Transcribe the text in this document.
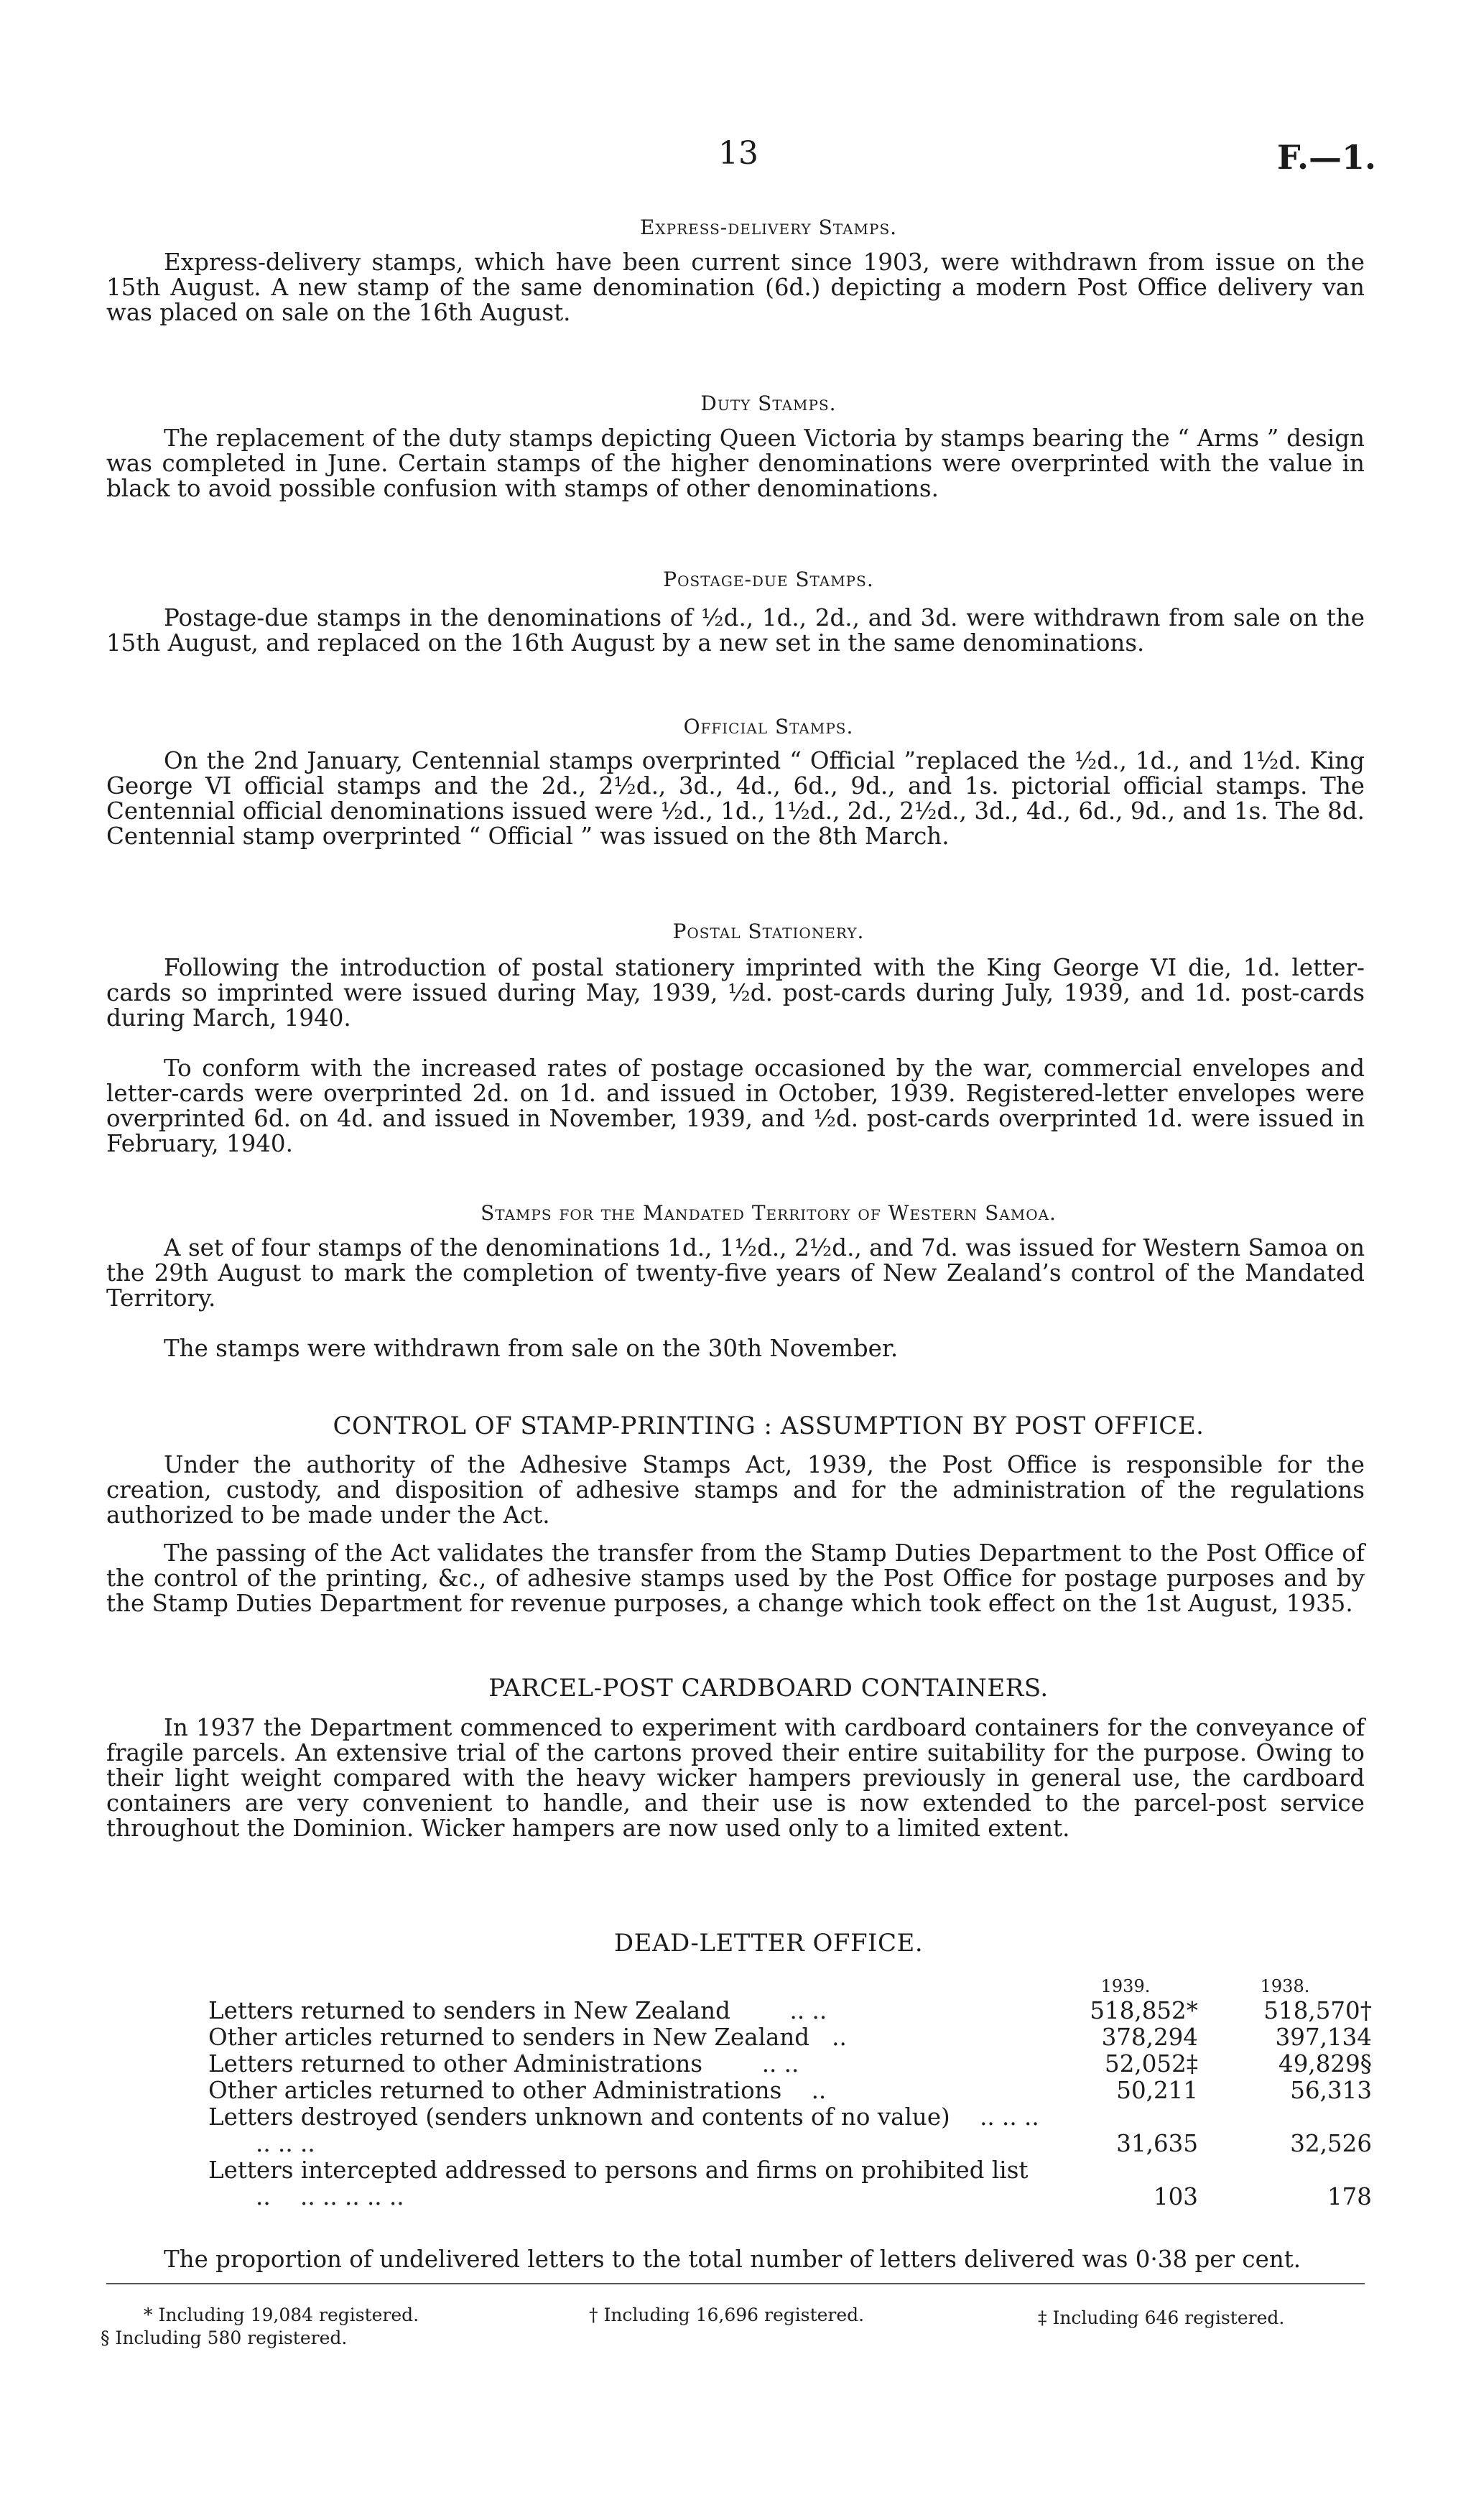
13	F.—1.
Express-delivery Stamps.

Express-delivery stamps, which have been current since 1903, were withdrawn from issue on the 15th August. A new stamp of the same denomination (6d.) depicting a modern Post Office delivery van was placed on sale on the 16th August.

Duty Stamps.

The replacement of the duty stamps depicting Queen Victoria by stamps bearing the “ Arms ” design was completed in June. Certain stamps of the higher denominations were overprinted with the value in black to avoid possible confusion with stamps of other denominations.

Postage-due Stamps.

Postage-due stamps in the denominations of ½d., 1d., 2d., and 3d. were withdrawn from sale on the 15th August, and replaced on the 16th August by a new set in the same denominations.

Official Stamps.

On the 2nd January, Centennial stamps overprinted “ Official ”replaced the ½d., 1d., and 1½d. King George VI official stamps and the 2d., 2½d., 3d., 4d., 6d., 9d., and 1s. pictorial official stamps. The Centennial official denominations issued were ½d., 1d., 1½d., 2d., 2½d., 3d., 4d., 6d., 9d., and 1s. The 8d. Centennial stamp overprinted “ Official ” was issued on the 8th March.

Postal Stationery.

Following the introduction of postal stationery imprinted with the King George VI die, 1d. letter-cards so imprinted were issued during May, 1939, ½d. post-cards during July, 1939, and 1d. post-cards during March, 1940.

To conform with the increased rates of postage occasioned by the war, commercial envelopes and letter-cards were overprinted 2d. on 1d. and issued in October, 1939. Registered-letter envelopes were overprinted 6d. on 4d. and issued in November, 1939, and ½d. post-cards overprinted 1d. were issued in February, 1940.

Stamps for the Mandated Territory of Western Samoa.

A set of four stamps of the denominations 1d., 1½d., 2½d., and 7d. was issued for Western Samoa on the 29th August to mark the completion of twenty-five years of New Zealand’s control of the Mandated Territory.

The stamps were withdrawn from sale on the 30th November.

CONTROL OF STAMP-PRINTING : ASSUMPTION BY POST OFFICE.

Under the authority of the Adhesive Stamps Act, 1939, the Post Office is responsible for the creation, custody, and disposition of adhesive stamps and for the administration of the regulations authorized to be made under the Act.

The passing of the Act validates the transfer from the Stamp Duties Department to the Post Office of the control of the printing, &c., of adhesive stamps used by the Post Office for postage purposes and by the Stamp Duties Department for revenue purposes, a change which took effect on the 1st August, 1935.

PARCEL-POST CARDBOARD CONTAINERS.

In 1937 the Department commenced to experiment with cardboard containers for the conveyance of fragile parcels. An extensive trial of the cartons proved their entire suitability for the purpose. Owing to their light weight compared with the heavy wicker hampers previously in general use, the cardboard containers are very convenient to handle, and their use is now extended to the parcel-post service throughout the Dominion. Wicker hampers are now used only to a limited extent.

DEAD-LETTER OFFICE.
	1939.	1938.
Letters returned to senders in New Zealand .. ..	518,852*	518,570†
Other articles returned to senders in New Zealand ..	378,294	397,134
Letters returned to other Administrations .. ..	52,052‡	49,829§
Other articles returned to other Administrations ..	50,211	56,313
Letters destroyed (senders unknown and contents of no value) .. .. .. .. .. ..	31,635	32,526
Letters intercepted addressed to persons and firms on prohibited list .. .. .. .. .. ..	103	178

The proportion of undelivered letters to the total number of letters delivered was 0·38 per cent.

* Including 19,084 registered.	† Including 16,696 registered.	‡ Including 646 registered.
§ Including 580 registered.
